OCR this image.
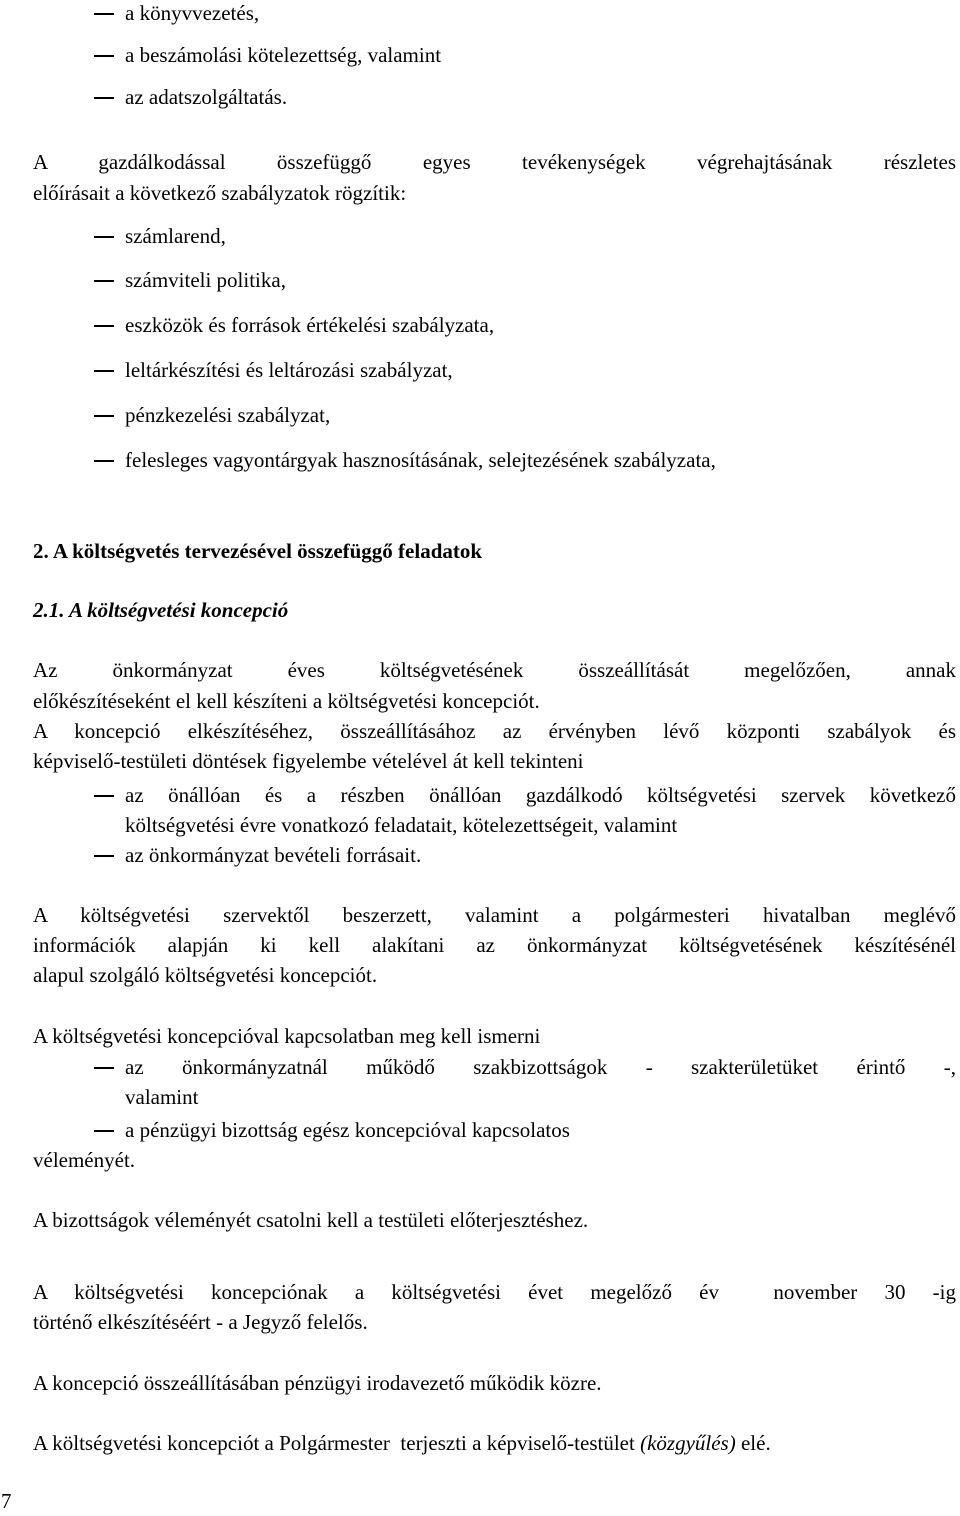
a könyvvezetés,
a beszámolási kötelezettség, valamint
az adatszolgáltatás.
A gazdálkodással összefüggő egyes tevékenységek végrehajtásának részletes
előírásait a következő szabályzatok rögzítik:
számlarend,
számviteli politika,
eszközök és források értékelési szabályzata,
leltárkészítési és leltározási szabályzat,
pénzkezelési szabályzat,
felesleges vagyontárgyak hasznosításának, selejtezésének szabályzata,
2. A költségvetés tervezésével összefüggő feladatok
2.1. A költségvetési koncepció
Az önkormányzat éves költségvetésének összeállítását megelőzően, annak
előkészítéseként el kell készíteni a költségvetési koncepciót.
A koncepció elkészítéséhez, összeállításához az érvényben lévő központi szabályok és
képviselő-testületi döntések figyelembe vételével át kell tekinteni
az önállóan és a részben önállóan gazdálkodó költségvetési szervek következő
költségvetési évre vonatkozó feladatait, kötelezettségeit, valamint
az önkormányzat bevételi forrásait.
A költségvetési szervektől beszerzett, valamint a polgármesteri hivatalban meglévő
információk alapján ki kell alakítani az önkormányzat költségvetésének készítésénél
alapul szolgáló költségvetési koncepciót.
A költségvetési koncepcióval kapcsolatban meg kell ismerni
az önkormányzatnál működő szakbizottságok - szakterületüket érintő -,
valamint
a pénzügyi bizottság egész koncepcióval kapcsolatos
véleményét.
A bizottságok véleményét csatolni kell a testületi előterjesztéshez.
A költségvetési koncepciónak a költségvetési évet megelőző év  november 30 -ig
történő elkészítéséért - a Jegyző felelős.
A koncepció összeállításában pénzügyi irodavezető működik közre.
A költségvetési koncepciót a Polgármester  terjeszti a képviselő-testület (közgyűlés) elé.
7
